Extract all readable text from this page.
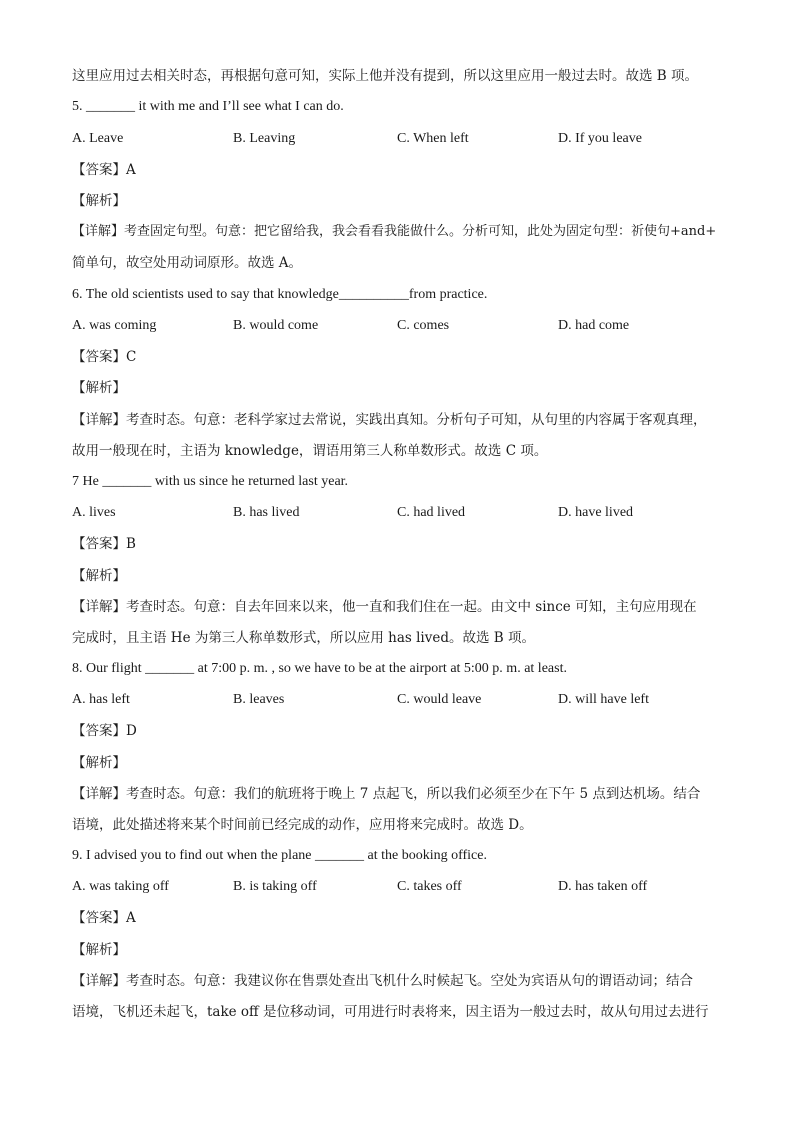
这里应用过去相关时态，再根据句意可知，实际上他并没有提到，所以这里应用一般过去时。故选 B 项。
5. _______ it with me and I’ll see what I can do.
A. Leave	B. Leaving	C. When left	D. If you leave
【答案】A
【解析】
【详解】考查固定句型。句意：把它留给我，我会看看我能做什么。分析可知，此处为固定句型：祈使句+and+
简单句，故空处用动词原形。故选 A。
6. The old scientists used to say that knowledge__________from practice.
A. was coming	B. would come	C. comes	D. had come
【答案】C
【解析】
【详解】考查时态。句意：老科学家过去常说，实践出真知。分析句子可知，从句里的内容属于客观真理，
故用一般现在时，主语为 knowledge，谓语用第三人称单数形式。故选 C 项。
7 He _______ with us since he returned last year.
A. lives	B. has lived	C. had lived	D. have lived
【答案】B
【解析】
【详解】考查时态。句意：自去年回来以来，他一直和我们住在一起。由文中 since 可知，主句应用现在
完成时，且主语 He 为第三人称单数形式，所以应用 has lived。故选 B 项。
8. Our flight _______ at 7:00 p. m. , so we have to be at the airport at 5:00 p. m. at least.
A. has left	B. leaves	C. would leave	D. will have left
【答案】D
【解析】
【详解】考查时态。句意：我们的航班将于晚上 7 点起飞，所以我们必须至少在下午 5 点到达机场。结合
语境，此处描述将来某个时间前已经完成的动作，应用将来完成时。故选 D。
9. I advised you to find out when the plane _______ at the booking office.
A. was taking off	B. is taking off	C. takes off	D. has taken off
【答案】A
【解析】
【详解】考查时态。句意：我建议你在售票处查出飞机什么时候起飞。空处为宾语从句的谓语动词；结合
语境，飞机还未起飞，take off 是位移动词，可用进行时表将来，因主语为一般过去时，故从句用过去进行
